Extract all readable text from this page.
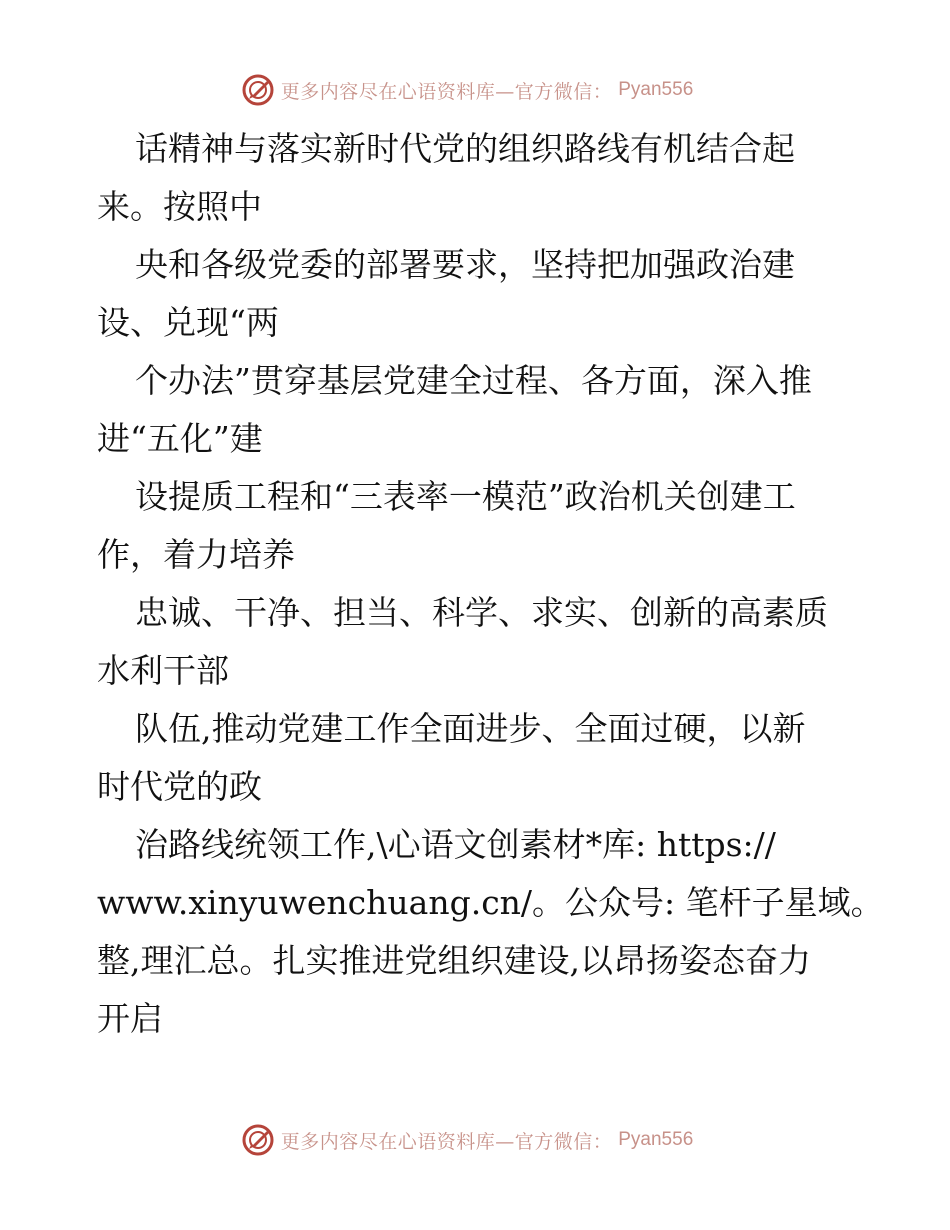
更多内容尽在心语资料库—官方微信： Pyan556
话精神与落实新时代党的组织路线有机结合起
来。按照中
央和各级党委的部署要求，坚持把加强政治建
设、兑现“两
个办法”贯穿基层党建全过程、各方面，深入推
进“五化”建
设提质工程和“三表率一模范”政治机关创建工
作，着力培养
忠诚、干净、担当、科学、求实、创新的高素质
水利干部
队伍,推动党建工作全面进步、全面过硬，以新
时代党的政
治路线统领工作,\心语文创素材*库: https://
www.xinyuwenchuang.cn/。公众号: 笔杆子星域。
整,理汇总。扎实推进党组织建设,以昂扬姿态奋力
开启
更多内容尽在心语资料库—官方微信： Pyan556
